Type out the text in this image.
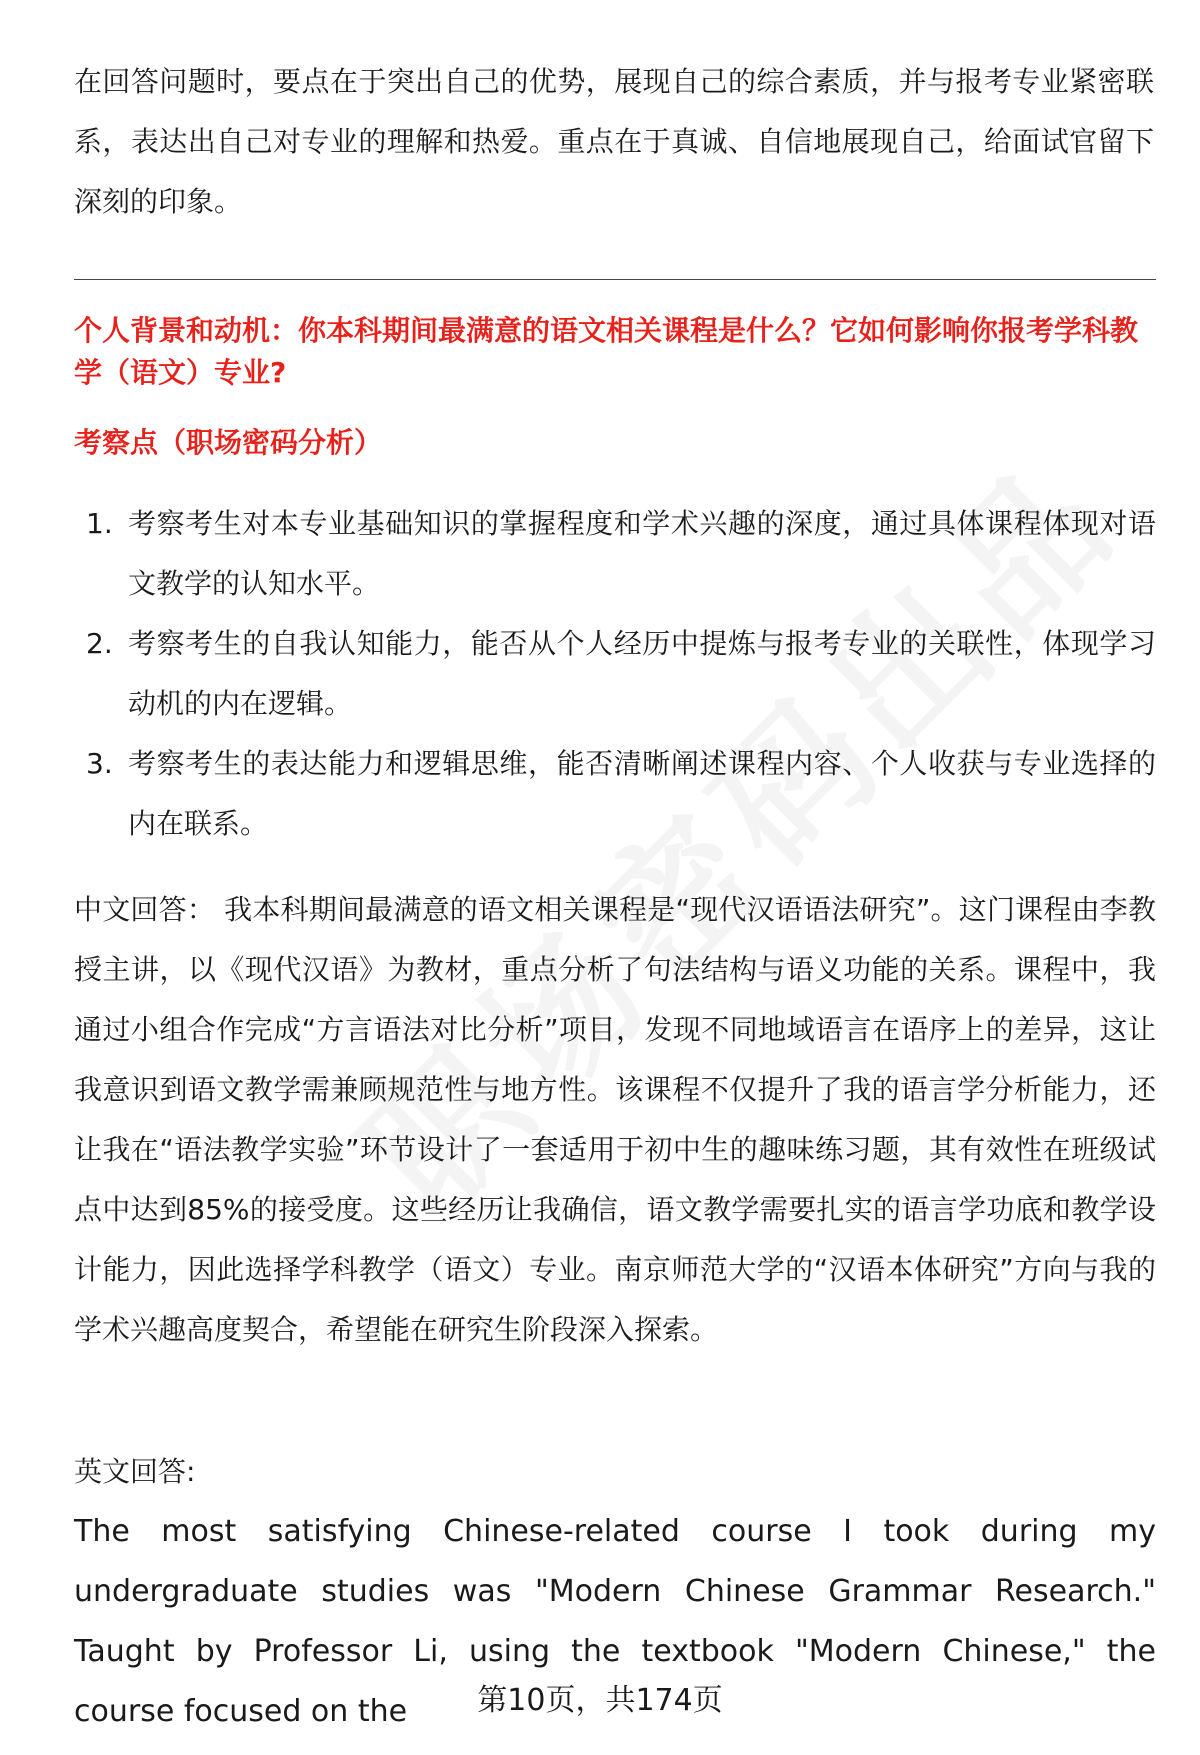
在回答问题时，要点在于突出自己的优势，展现自己的综合素质，并与报考专业紧密联系，表达出自己对专业的理解和热爱。重点在于真诚、自信地展现自己，给面试官留下深刻的印象。

个人背景和动机：你本科期间最满意的语文相关课程是什么？它如何影响你报考学科教学（语文）专业?
考察点（职场密码分析）
1. 考察考生对本专业基础知识的掌握程度和学术兴趣的深度，通过具体课程体现对语文教学的认知水平。
2. 考察考生的自我认知能力，能否从个人经历中提炼与报考专业的关联性，体现学习动机的内在逻辑。
3. 考察考生的表达能力和逻辑思维，能否清晰阐述课程内容、个人收获与专业选择的内在联系。

中文回答： 我本科期间最满意的语文相关课程是“现代汉语语法研究”。这门课程由李教授主讲，以《现代汉语》为教材，重点分析了句法结构与语义功能的关系。课程中，我通过小组合作完成“方言语法对比分析”项目，发现不同地域语言在语序上的差异，这让我意识到语文教学需兼顾规范性与地方性。该课程不仅提升了我的语言学分析能力，还让我在“语法教学实验”环节设计了一套适用于初中生的趣味练习题，其有效性在班级试点中达到85%的接受度。这些经历让我确信，语文教学需要扎实的语言学功底和教学设计能力，因此选择学科教学（语文）专业。南京师范大学的“汉语本体研究”方向与我的学术兴趣高度契合，希望能在研究生阶段深入探索。

英文回答:

The most satisfying Chinese-related course I took during my undergraduate studies was "Modern Chinese Grammar Research." Taught by Professor Li, using the textbook "Modern Chinese," the course focused on the	第10页，共174页
